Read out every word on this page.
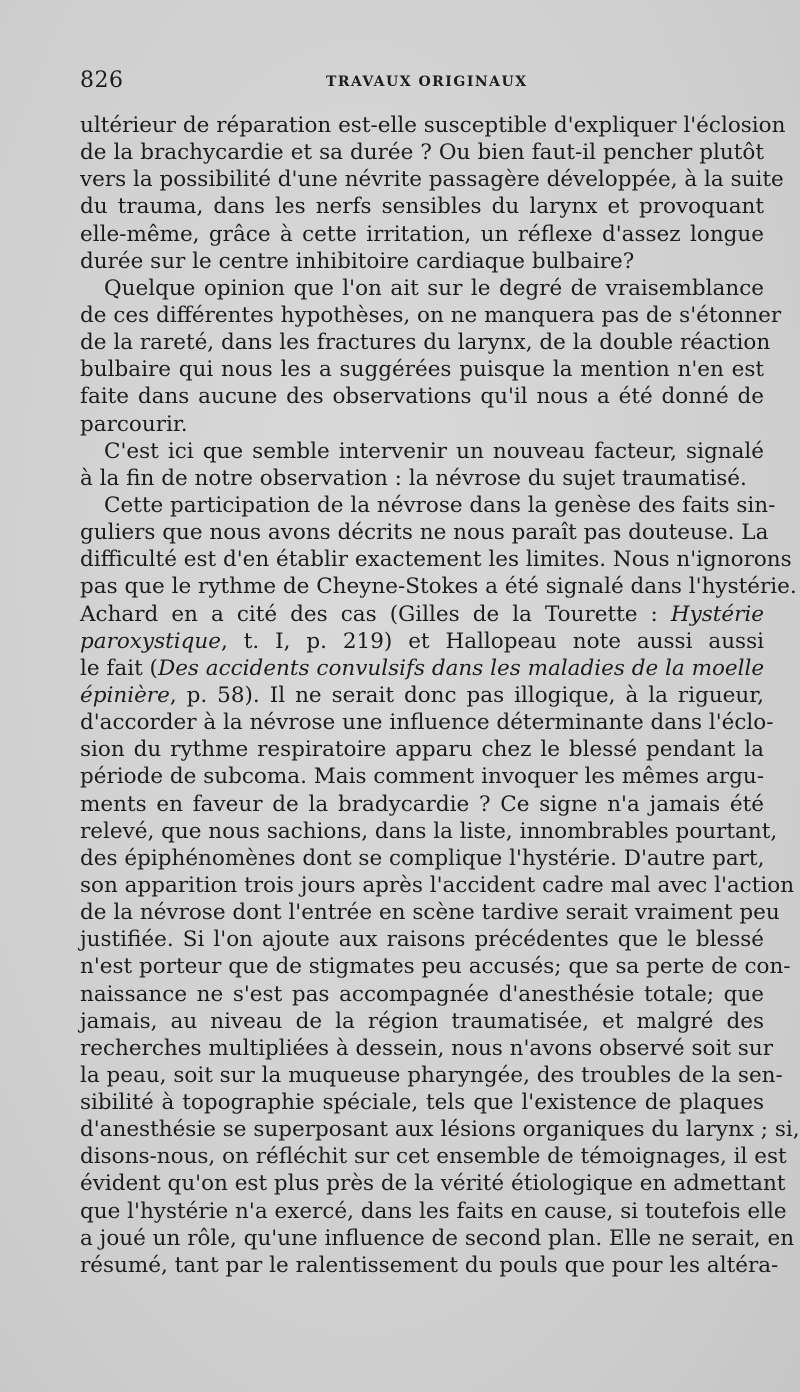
826	TRAVAUX ORIGINAUX
ultérieur de réparation est-elle susceptible d'expliquer l'éclosion
de la brachycardie et sa durée ? Ou bien faut-il pencher plutôt
vers la possibilité d'une névrite passagère développée, à la suite
du trauma, dans les nerfs sensibles du larynx et provoquant
elle-même, grâce à cette irritation, un réflexe d'assez longue
durée sur le centre inhibitoire cardiaque bulbaire?
Quelque opinion que l'on ait sur le degré de vraisemblance
de ces différentes hypothèses, on ne manquera pas de s'étonner
de la rareté, dans les fractures du larynx, de la double réaction
bulbaire qui nous les a suggérées puisque la mention n'en est
faite dans aucune des observations qu'il nous a été donné de
parcourir.
C'est ici que semble intervenir un nouveau facteur, signalé
à la fin de notre observation : la névrose du sujet traumatisé.
Cette participation de la névrose dans la genèse des faits sin-
guliers que nous avons décrits ne nous paraît pas douteuse. La
difficulté est d'en établir exactement les limites. Nous n'ignorons
pas que le rythme de Cheyne-Stokes a été signalé dans l'hystérie.
Achard en a cité des cas (Gilles de la Tourette : Hystérie
paroxystique, t. I, p. 219) et Hallopeau note aussi aussi
le fait (Des accidents convulsifs dans les maladies de la moelle
épinière, p. 58). Il ne serait donc pas illogique, à la rigueur,
d'accorder à la névrose une influence déterminante dans l'éclo-
sion du rythme respiratoire apparu chez le blessé pendant la
période de subcoma. Mais comment invoquer les mêmes argu-
ments en faveur de la bradycardie ? Ce signe n'a jamais été
relevé, que nous sachions, dans la liste, innombrables pourtant,
des épiphénomènes dont se complique l'hystérie. D'autre part,
son apparition trois jours après l'accident cadre mal avec l'action
de la névrose dont l'entrée en scène tardive serait vraiment peu
justifiée. Si l'on ajoute aux raisons précédentes que le blessé
n'est porteur que de stigmates peu accusés; que sa perte de con-
naissance ne s'est pas accompagnée d'anesthésie totale; que
jamais, au niveau de la région traumatisée, et malgré des
recherches multipliées à dessein, nous n'avons observé soit sur
la peau, soit sur la muqueuse pharyngée, des troubles de la sen-
sibilité à topographie spéciale, tels que l'existence de plaques
d'anesthésie se superposant aux lésions organiques du larynx ; si,
disons-nous, on réfléchit sur cet ensemble de témoignages, il est
évident qu'on est plus près de la vérité étiologique en admettant
que l'hystérie n'a exercé, dans les faits en cause, si toutefois elle
a joué un rôle, qu'une influence de second plan. Elle ne serait, en
résumé, tant par le ralentissement du pouls que pour les altéra-
